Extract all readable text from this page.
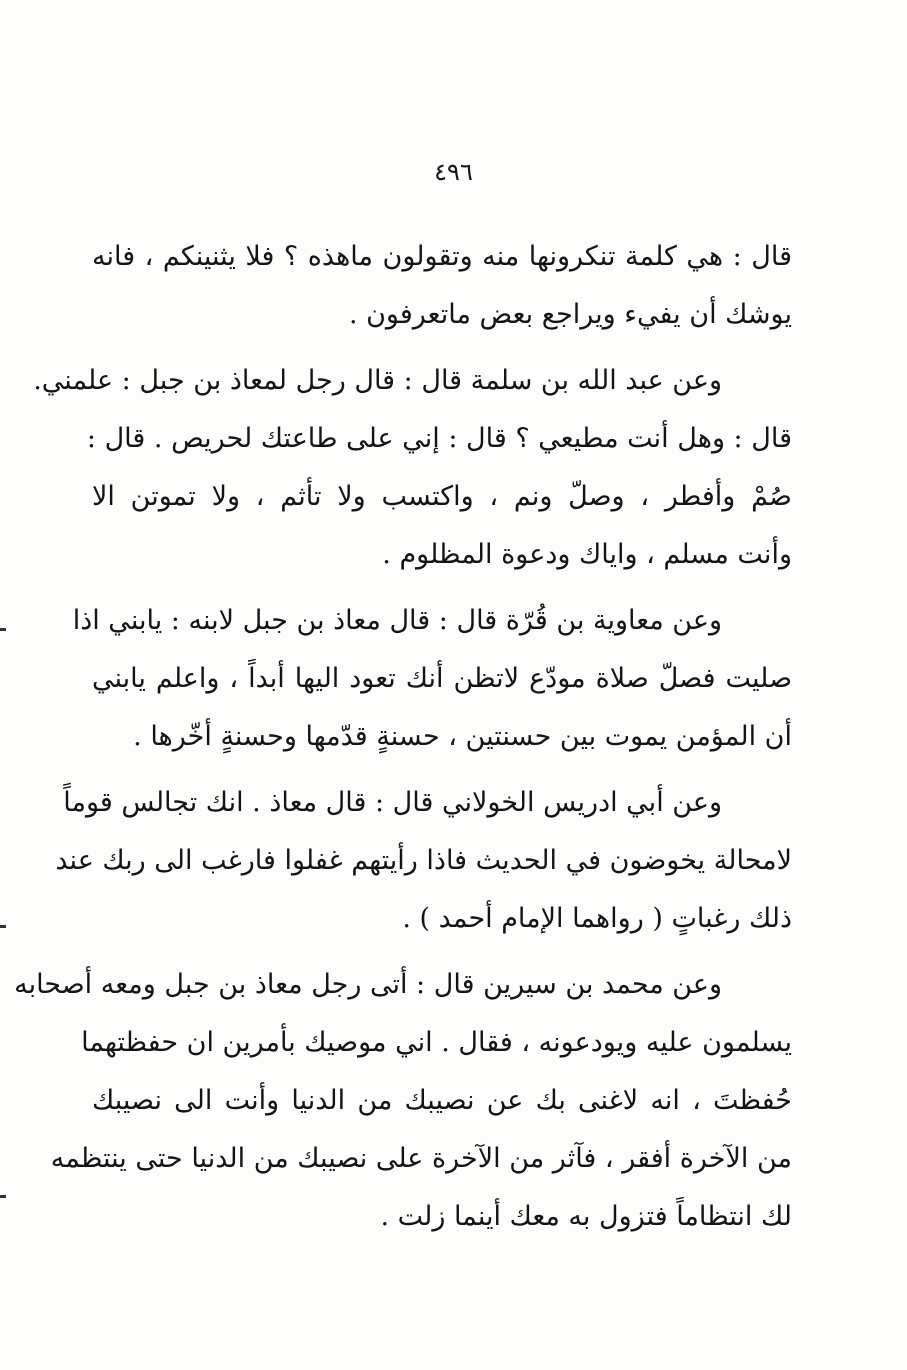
٤٩٦
قال : هي كلمة تنكرونها منه وتقولون ماهذه ؟ فلا يثنينكم ، فانه
يوشك أن يفيء ويراجع بعض ماتعرفون .
وعن عبد الله بن سلمة قال : قال رجل لمعاذ بن جبل : علمني.
قال : وهل أنت مطيعي ؟ قال : إني على طاعتك لحريص . قال :
صُمْ وأفطر ، وصلّ ونم ، واكتسب ولا تأثم ، ولا تموتن الا
وأنت مسلم ، واياك ودعوة المظلوم .
وعن معاوية بن قُرّة قال : قال معاذ بن جبل لابنه : يابني اذا
صليت فصلّ صلاة مودّع لاتظن أنك تعود اليها أبداً ، واعلم يابني
أن المؤمن يموت بين حسنتين ، حسنةٍ قدّمها وحسنةٍ أخّرها .
وعن أبي ادريس الخولاني قال : قال معاذ . انك تجالس قوماً
لامحالة يخوضون في الحديث فاذا رأيتهم غفلوا فارغب الى ربك عند
ذلك رغباتٍ ( رواهما الإمام أحمد ) .
وعن محمد بن سيرين قال : أتى رجل معاذ بن جبل ومعه أصحابه
يسلمون عليه ويودعونه ، فقال . اني موصيك بأمرين ان حفظتهما
حُفظتَ ، انه لاغنى بك عن نصيبك من الدنيا وأنت الى نصيبك
من الآخرة أفقر ، فآثر من الآخرة على نصيبك من الدنيا حتى ينتظمه
لك انتظاماً فتزول به معك أينما زلت .
